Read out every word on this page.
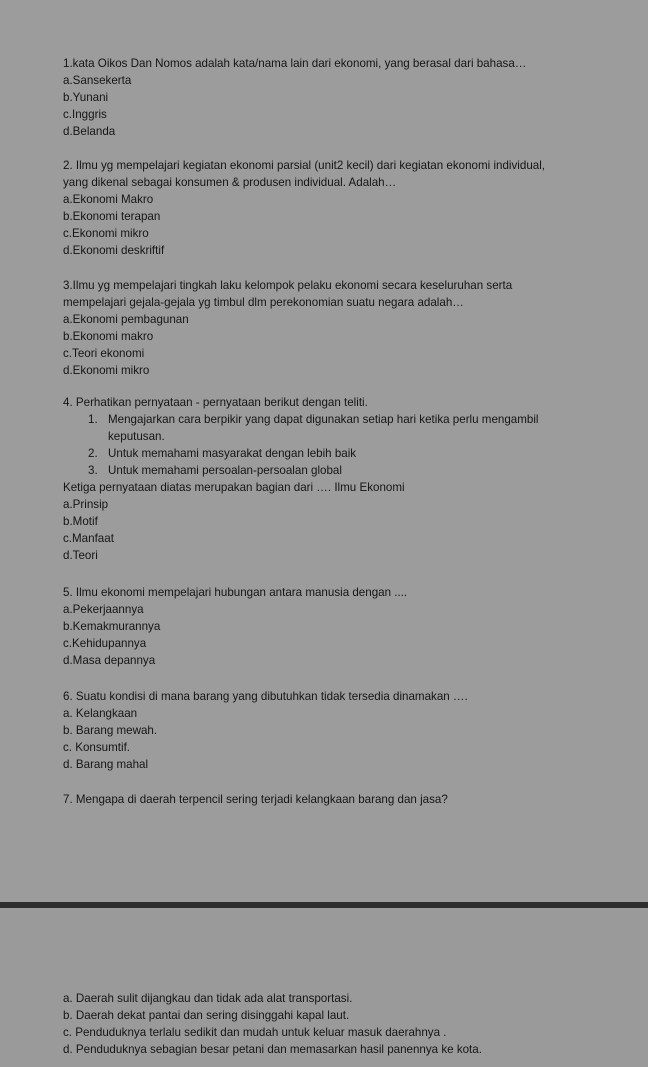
1.kata Oikos Dan Nomos adalah kata/nama lain dari ekonomi, yang berasal dari bahasa…
a.Sansekerta
b.Yunani
c.Inggris
d.Belanda
2. Ilmu yg mempelajari kegiatan ekonomi parsial (unit2 kecil) dari kegiatan ekonomi individual,
yang dikenal sebagai konsumen & produsen individual. Adalah…
a.Ekonomi Makro
b.Ekonomi terapan
c.Ekonomi mikro
d.Ekonomi deskriftif
3.Ilmu yg mempelajari tingkah laku kelompok pelaku ekonomi secara keseluruhan serta
mempelajari gejala-gejala yg timbul dlm perekonomian suatu negara adalah…
a.Ekonomi pembagunan
b.Ekonomi makro
c.Teori ekonomi
d.Ekonomi mikro
4. Perhatikan pernyataan - pernyataan berikut dengan teliti.
1. Mengajarkan cara berpikir yang dapat digunakan setiap hari ketika perlu mengambil
keputusan.
2. Untuk memahami masyarakat dengan lebih baik
3. Untuk memahami persoalan-persoalan global
Ketiga pernyataan diatas merupakan bagian dari …. Ilmu Ekonomi
a.Prinsip
b.Motif
c.Manfaat
d.Teori
5. Ilmu ekonomi mempelajari hubungan antara manusia dengan ....
a.Pekerjaannya
b.Kemakmurannya
c.Kehidupannya
d.Masa depannya
6. Suatu kondisi di mana barang yang dibutuhkan tidak tersedia dinamakan ….
a. Kelangkaan
b. Barang mewah.
c. Konsumtif.
d. Barang mahal
7. Mengapa di daerah terpencil sering terjadi kelangkaan barang dan jasa?
a. Daerah sulit dijangkau dan tidak ada alat transportasi.
b. Daerah dekat pantai dan sering disinggahi kapal laut.
c. Penduduknya terlalu sedikit dan mudah untuk keluar masuk daerahnya .
d. Penduduknya sebagian besar petani dan memasarkan hasil panennya ke kota.
